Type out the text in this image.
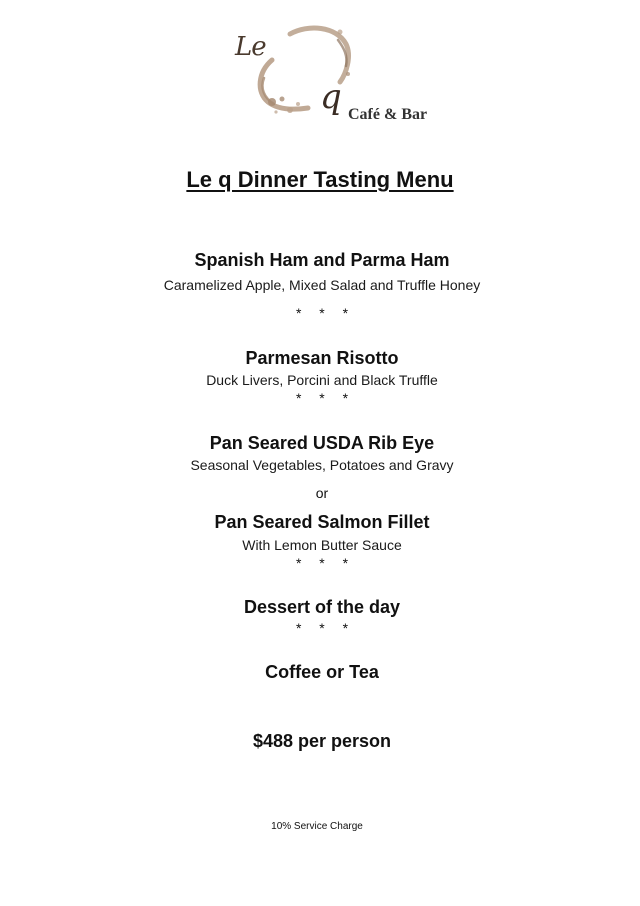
Le
q Café & Bar
Le q Dinner Tasting Menu
Spanish Ham and Parma Ham
Caramelized Apple, Mixed Salad and Truffle Honey
* * *
Parmesan Risotto
Duck Livers, Porcini and Black Truffle
* * *
Pan Seared USDA Rib Eye
Seasonal Vegetables, Potatoes and Gravy
or
Pan Seared Salmon Fillet
With Lemon Butter Sauce
* * *
Dessert of the day
* * *
Coffee or Tea
$488 per person
10% Service Charge
